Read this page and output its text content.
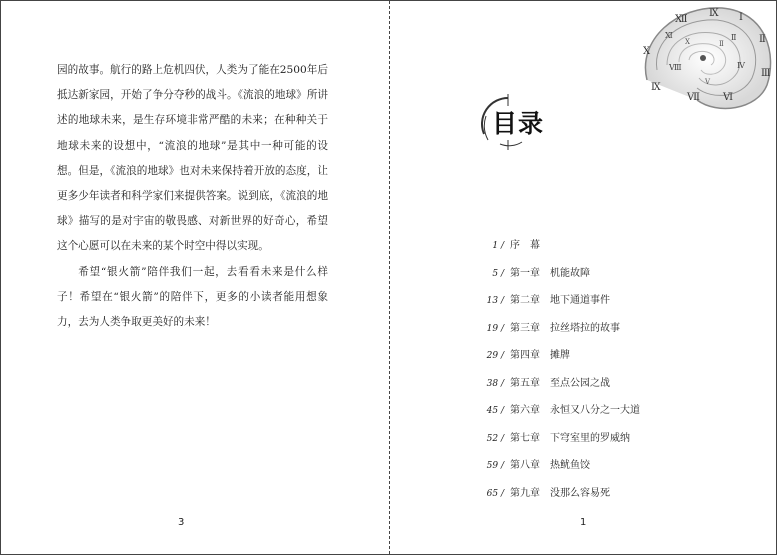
园的故事。航行的路上危机四伏，人类为了能在2500年后抵达新家园，开始了争分夺秒的战斗。《流浪的地球》所讲述的地球未来，是生存环境非常严酷的未来；在种种关于地球未来的设想中，“流浪的地球”是其中一种可能的设想。但是，《流浪的地球》也对未来保持着开放的态度，让更多少年读者和科学家们来提供答案。说到底，《流浪的地球》描写的是对宇宙的敬畏感、对新世界的好奇心，希望这个心愿可以在未来的某个时空中得以实现。

希望“银火箭”陪伴我们一起，去看看未来是什么样子！希望在“银火箭”的陪伴下，更多的小读者能用想象力，去为人类争取更美好的未来！

3
Ⅻ
Ⅸ Ⅰ
Ⅱ
Ⅲ
Ⅹ
Ⅸ
Ⅶ Ⅵ
Ⅺ	Ⅱ
Ⅳ
Ⅷ
Ⅴ
Ⅹ	Ⅱ
目录
1 / 序幕
5 / 第一章 机能故障
13 / 第二章 地下通道事件
19 / 第三章 拉丝塔拉的故事
29 / 第四章 摊牌
38 / 第五章 至点公园之战
45 / 第六章 永恒又八分之一大道
52 / 第七章 下穹室里的罗威纳
59 / 第八章 热鱿鱼饺
65 / 第九章 没那么容易死
1
